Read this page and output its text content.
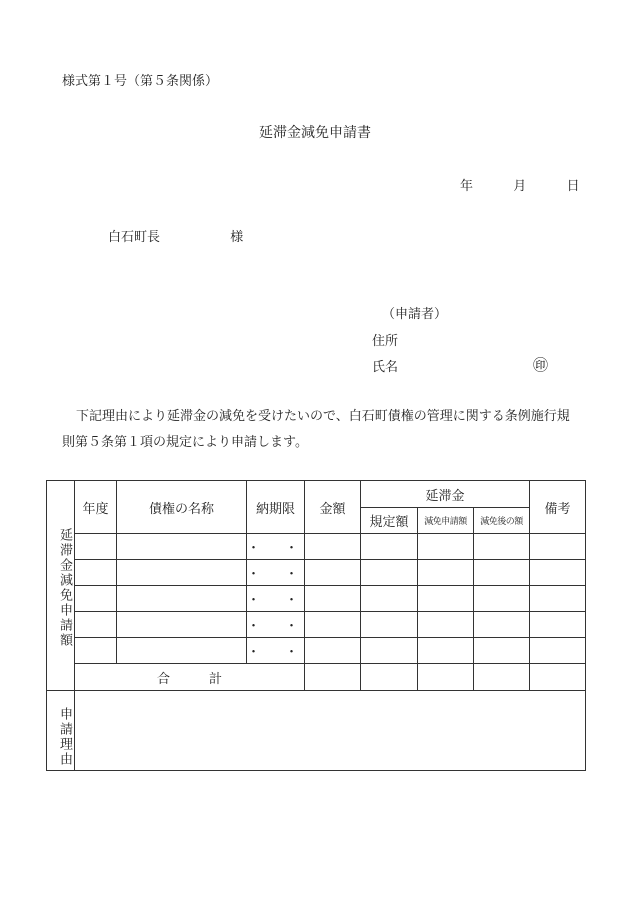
様式第１号（第５条関係）
延滞金減免申請書
年	月	日
白石町長	様
（申請者）
住所
氏名	㊞
下記理由により延滞金の減免を受けたいので、白石町債権の管理に関する条例施行規則第５条第１項の規定により申請します。
延滞金減免申請額	年度	債権の名称	納期限	金額	延滞金			備考
					規定額	減免申請額	減免後の額	
			・　・					
			・　・					
			・　・					
			・　・					
			・　・					
	合　　　計							
申請理由								
